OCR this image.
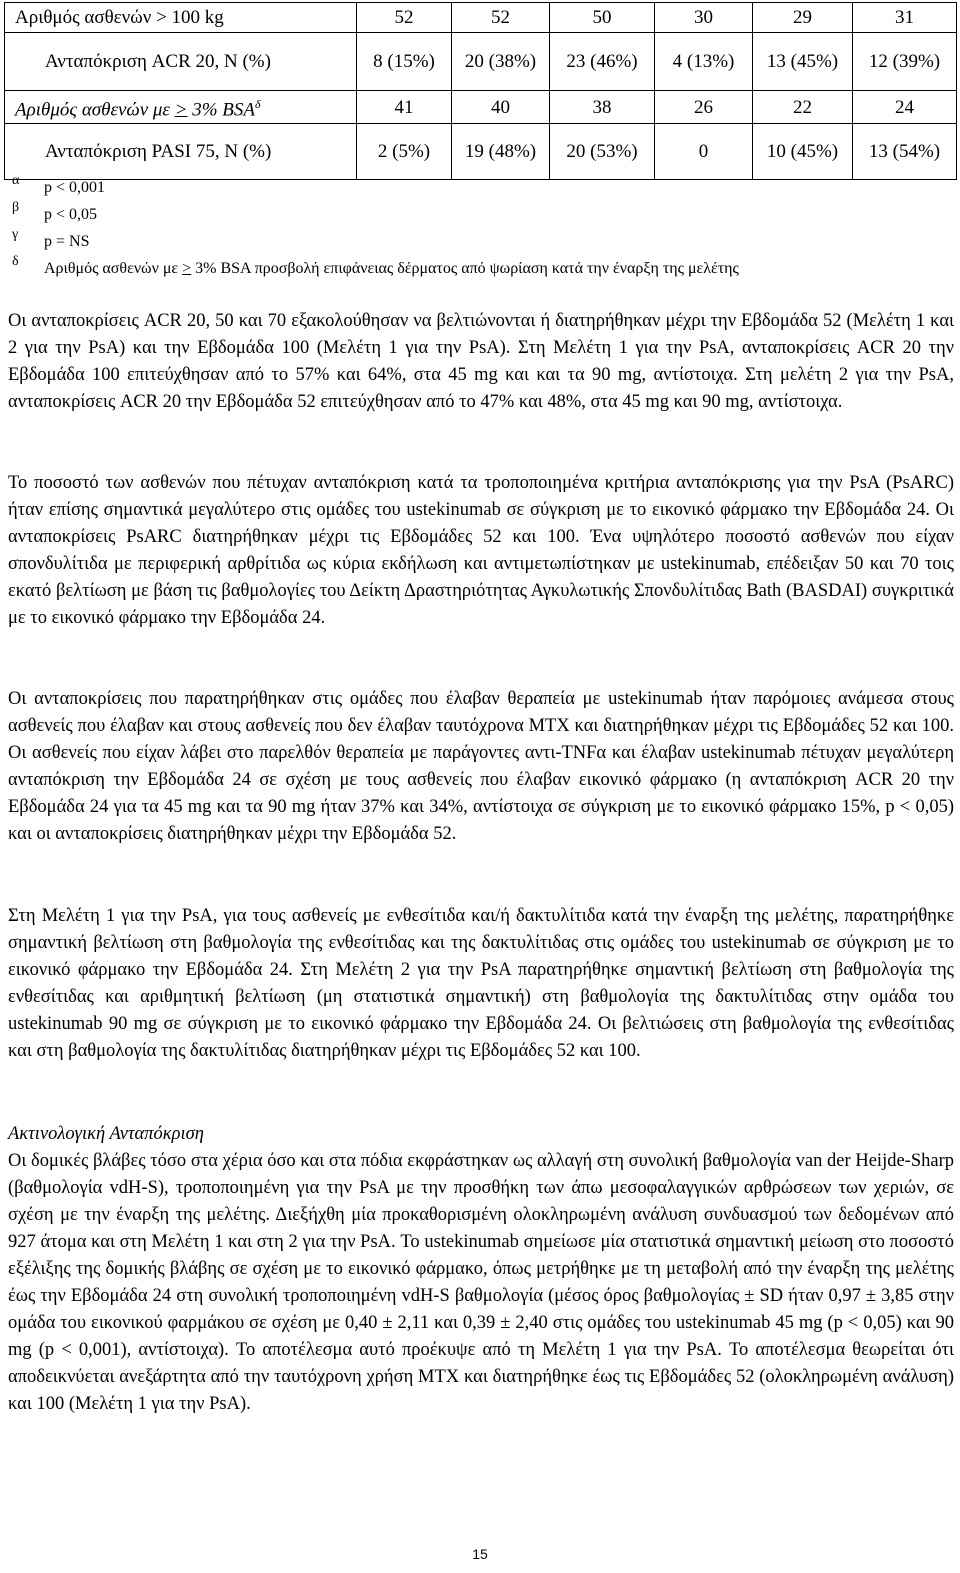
Αριθμός ασθενών > 100 kg	52	52	50	30	29	31
Ανταπόκριση ACR 20, N (%)	8 (15%)	20 (38%)	23 (46%)	4 (13%)	13 (45%)	12 (39%)
Αριθμός ασθενών με ≥ 3% $BSA^\delta$	41	40	38	26	22	24
Ανταπόκριση PASI 75, N (%)	2 (5%)	19 (48%)	20 (53%)	0	10 (45%)	13 (54%)
α p < 0,001
β p < 0,05
γ p = NS
δ Αριθμός ασθενών με ≥ 3% BSA προσβολή επιφάνειας δέρματος από ψωρίαση κατά την έναρξη της μελέτης

Οι ανταποκρίσεις ACR 20, 50 και 70 εξακολούθησαν να βελτιώνονται ή διατηρήθηκαν μέχρι την Εβδομάδα 52 (Μελέτη 1 και 2 για την PsA) και την Εβδομάδα 100 (Μελέτη 1 για την PsA). Στη Μελέτη 1 για την PsA, ανταποκρίσεις ACR 20 την Εβδομάδα 100 επιτεύχθησαν από το 57% και 64%, στα 45 mg και και τα 90 mg, αντίστοιχα. Στη μελέτη 2 για την PsA, ανταποκρίσεις ACR 20 την Εβδομάδα 52 επιτεύχθησαν από το 47% και 48%, στα 45 mg και 90 mg, αντίστοιχα.

Το ποσοστό των ασθενών που πέτυχαν ανταπόκριση κατά τα τροποποιημένα κριτήρια ανταπόκρισης για την PsA (PsARC) ήταν επίσης σημαντικά μεγαλύτερο στις ομάδες του ustekinumab σε σύγκριση με το εικονικό φάρμακο την Εβδομάδα 24. Οι ανταποκρίσεις PsARC διατηρήθηκαν μέχρι τις Εβδομάδες 52 και 100. Ένα υψηλότερο ποσοστό ασθενών που είχαν σπονδυλίτιδα με περιφερική αρθρίτιδα ως κύρια εκδήλωση και αντιμετωπίστηκαν με ustekinumab, επέδειξαν 50 και 70 τοις εκατό βελτίωση με βάση τις βαθμολογίες του Δείκτη Δραστηριότητας Αγκυλωτικής Σπονδυλίτιδας Bath (BASDAI) συγκριτικά με το εικονικό φάρμακο την Εβδομάδα 24.

Οι ανταποκρίσεις που παρατηρήθηκαν στις ομάδες που έλαβαν θεραπεία με ustekinumab ήταν παρόμοιες ανάμεσα στους ασθενείς που έλαβαν και στους ασθενείς που δεν έλαβαν ταυτόχρονα MTX και διατηρήθηκαν μέχρι τις Εβδομάδες 52 και 100. Οι ασθενείς που είχαν λάβει στο παρελθόν θεραπεία με παράγοντες αντι-TNFα και έλαβαν ustekinumab πέτυχαν μεγαλύτερη ανταπόκριση την Εβδομάδα 24 σε σχέση με τους ασθενείς που έλαβαν εικονικό φάρμακο (η ανταπόκριση ACR 20 την Εβδομάδα 24 για τα 45 mg και τα 90 mg ήταν 37% και 34%, αντίστοιχα σε σύγκριση με το εικονικό φάρμακο 15%, p < 0,05) και οι ανταποκρίσεις διατηρήθηκαν μέχρι την Εβδομάδα 52.

Στη Μελέτη 1 για την PsA, για τους ασθενείς με ενθεσίτιδα και/ή δακτυλίτιδα κατά την έναρξη της μελέτης, παρατηρήθηκε σημαντική βελτίωση στη βαθμολογία της ενθεσίτιδας και της δακτυλίτιδας στις ομάδες του ustekinumab σε σύγκριση με το εικονικό φάρμακο την Εβδομάδα 24. Στη Μελέτη 2 για την PsA παρατηρήθηκε σημαντική βελτίωση στη βαθμολογία της ενθεσίτιδας και αριθμητική βελτίωση (μη στατιστικά σημαντική) στη βαθμολογία της δακτυλίτιδας στην ομάδα του ustekinumab 90 mg σε σύγκριση με το εικονικό φάρμακο την Εβδομάδα 24. Οι βελτιώσεις στη βαθμολογία της ενθεσίτιδας και στη βαθμολογία της δακτυλίτιδας διατηρήθηκαν μέχρι τις Εβδομάδες 52 και 100.

Ακτινολογική Ανταπόκριση

Οι δομικές βλάβες τόσο στα χέρια όσο και στα πόδια εκφράστηκαν ως αλλαγή στη συνολική βαθμολογία van der Heijde-Sharp (βαθμολογία vdH-S), τροποποιημένη για την PsA με την προσθήκη των άπω μεσοφαλαγγικών αρθρώσεων των χεριών, σε σχέση με την έναρξη της μελέτης. Διεξήχθη μία προκαθορισμένη ολοκληρωμένη ανάλυση συνδυασμού των δεδομένων από 927 άτομα και στη Μελέτη 1 και στη 2 για την PsA. Το ustekinumab σημείωσε μία στατιστικά σημαντική μείωση στο ποσοστό εξέλιξης της δομικής βλάβης σε σχέση με το εικονικό φάρμακο, όπως μετρήθηκε με τη μεταβολή από την έναρξη της μελέτης έως την Εβδομάδα 24 στη συνολική τροποποιημένη vdH-S βαθμολογία (μέσος όρος βαθμολογίας ± SD ήταν 0,97 ± 3,85 στην ομάδα του εικονικού φαρμάκου σε σχέση με 0,40 ± 2,11 και 0,39 ± 2,40 στις ομάδες του ustekinumab 45 mg (p < 0,05) και 90 mg (p < 0,001), αντίστοιχα). Το αποτέλεσμα αυτό προέκυψε από τη Μελέτη 1 για την PsA. Το αποτέλεσμα θεωρείται ότι αποδεικνύεται ανεξάρτητα από την ταυτόχρονη χρήση MTX και διατηρήθηκε έως τις Εβδομάδες 52 (ολοκληρωμένη ανάλυση) και 100 (Μελέτη 1 για την PsA).

15
